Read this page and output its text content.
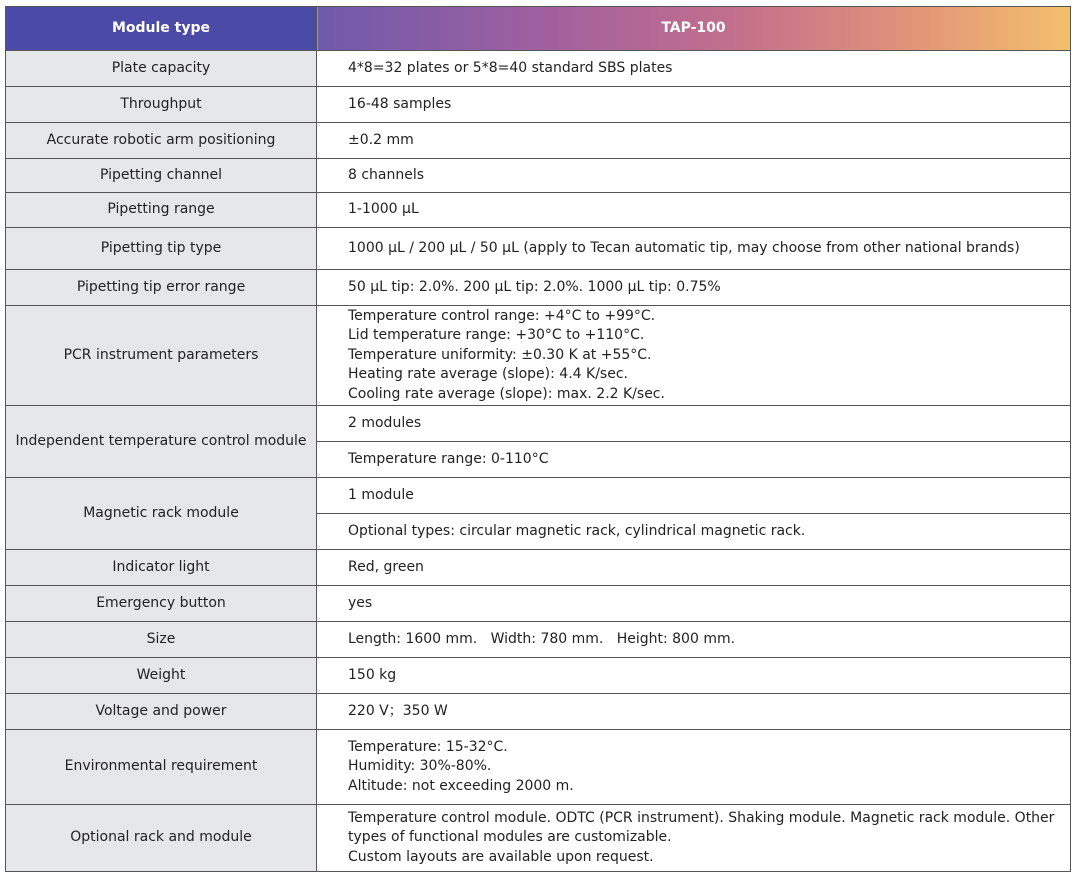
Module type	TAP-100
Plate capacity	4*8=32 plates or 5*8=40 standard SBS plates
Throughput	16-48 samples
Accurate robotic arm positioning	±0.2 mm
Pipetting channel	8 channels
Pipetting range	1-1000 μL
Pipetting tip type	1000 μL / 200 μL / 50 μL (apply to Tecan automatic tip, may choose from other national brands)
Pipetting tip error range	50 μL tip: 2.0%. 200 μL tip: 2.0%. 1000 μL tip: 0.75%
PCR instrument parameters	Temperature control range: +4°C to +99°C.
Lid temperature range: +30°C to +110°C.
Temperature uniformity: ±0.30 K at +55°C.
Heating rate average (slope): 4.4 K/sec.
Cooling rate average (slope): max. 2.2 K/sec.

Independent temperature control module	2 modules
	Temperature range: 0-110°C
Magnetic rack module	1 module
	Optional types: circular magnetic rack, cylindrical magnetic rack.
Indicator light	Red, green
Emergency button	yes
Size	Length: 1600 mm.   Width: 780 mm.   Height: 800 mm.
Weight	150 kg
Voltage and power	220 V；350 W
Environmental requirement	Temperature: 15-32°C.
Humidity: 30%-80%.
Altitude: not exceeding 2000 m.

Optional rack and module	Temperature control module. ODTC (PCR instrument). Shaking module. Magnetic rack module. Other types of functional modules are customizable.
Custom layouts are available upon request.
